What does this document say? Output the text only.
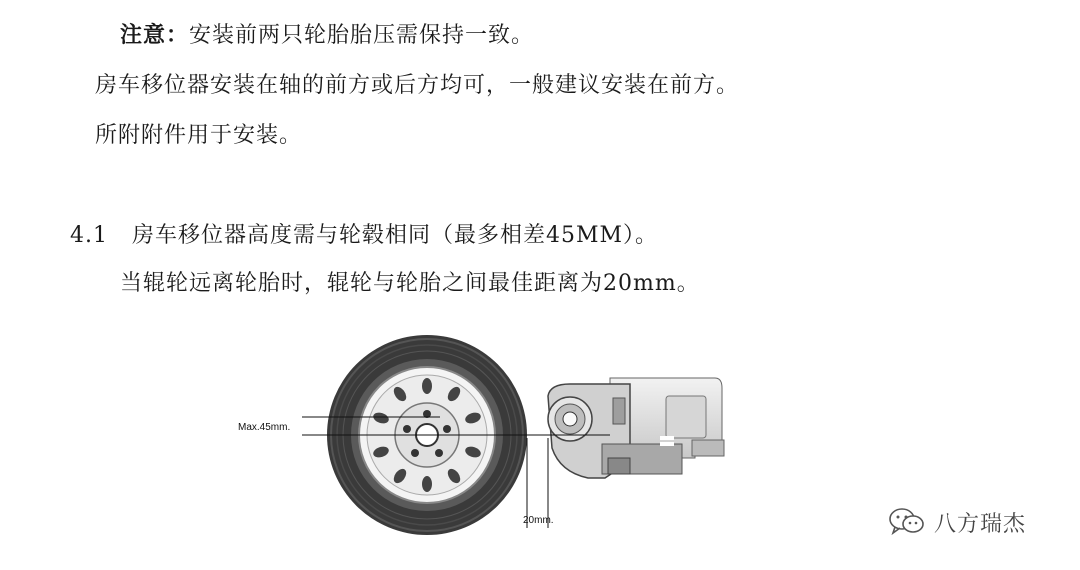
注意：安装前两只轮胎胎压需保持一致。
房车移位器安装在轴的前方或后方均可，一般建议安装在前方。
所附附件用于安装。
4.1 房车移位器高度需与轮毂相同（最多相差45MM）。
当辊轮远离轮胎时，辊轮与轮胎之间最佳距离为20mm。
Max.45mm.
20mm.	八方瑞杰
